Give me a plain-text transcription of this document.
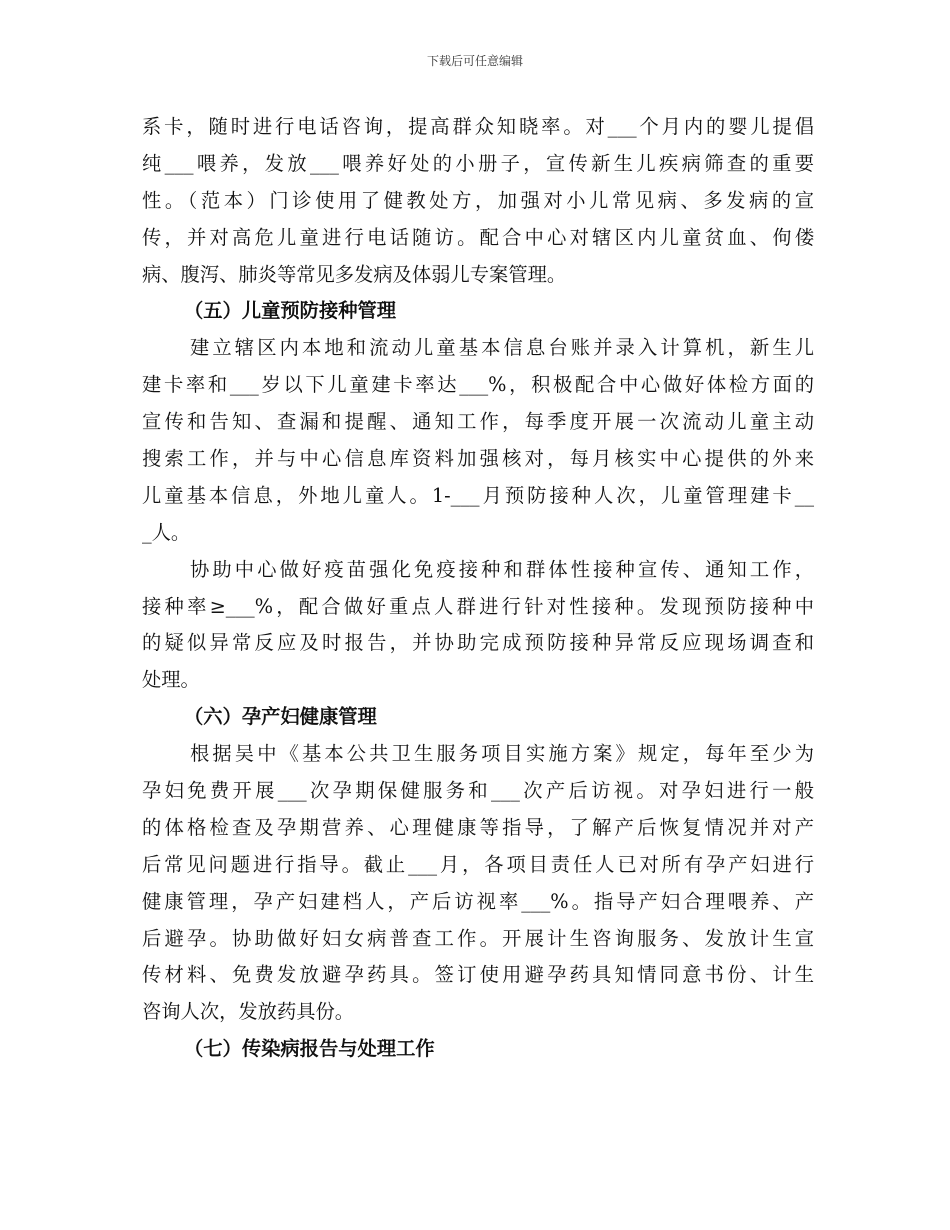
下载后可任意编辑
系卡，随时进行电话咨询，提高群众知晓率。对___个月内的婴儿提倡
纯___喂养，发放___喂养好处的小册子，宣传新生儿疾病筛查的重要
性。（范本）门诊使用了健教处方，加强对小儿常见病、多发病的宣
传，并对高危儿童进行电话随访。配合中心对辖区内儿童贫血、佝偻
病、腹泻、肺炎等常见多发病及体弱儿专案管理。
（五）儿童预防接种管理
建立辖区内本地和流动儿童基本信息台账并录入计算机，新生儿
建卡率和___岁以下儿童建卡率达___%，积极配合中心做好体检方面的
宣传和告知、查漏和提醒、通知工作，每季度开展一次流动儿童主动
搜索工作，并与中心信息库资料加强核对，每月核实中心提供的外来
儿童基本信息，外地儿童人。1-___月预防接种人次，儿童管理建卡__
_人。
协助中心做好疫苗强化免疫接种和群体性接种宣传、通知工作，
接种率≥___%，配合做好重点人群进行针对性接种。发现预防接种中
的疑似异常反应及时报告，并协助完成预防接种异常反应现场调查和
处理。
（六）孕产妇健康管理
根据吴中《基本公共卫生服务项目实施方案》规定，每年至少为
孕妇免费开展___次孕期保健服务和___次产后访视。对孕妇进行一般
的体格检查及孕期营养、心理健康等指导，了解产后恢复情况并对产
后常见问题进行指导。截止___月，各项目责任人已对所有孕产妇进行
健康管理，孕产妇建档人，产后访视率___%。指导产妇合理喂养、产
后避孕。协助做好妇女病普查工作。开展计生咨询服务、发放计生宣
传材料、免费发放避孕药具。签订使用避孕药具知情同意书份、计生
咨询人次，发放药具份。
（七）传染病报告与处理工作
